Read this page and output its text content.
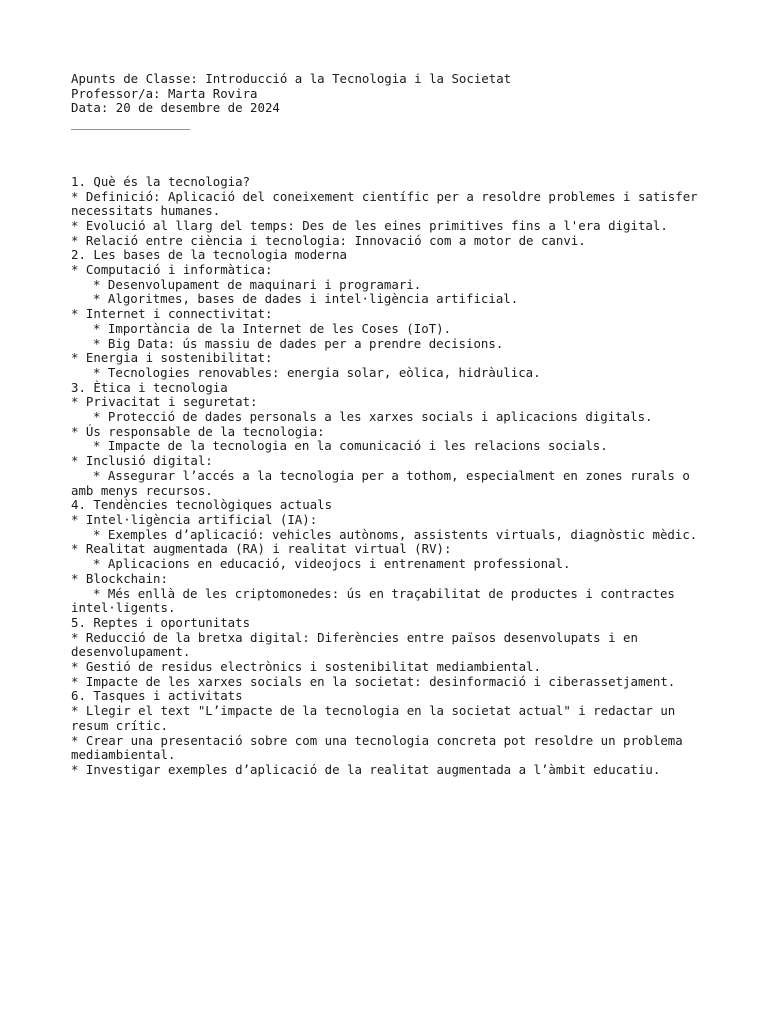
Apunts de Classe: Introducció a la Tecnologia i la Societat
Professor/a: Marta Rovira
Data: 20 de desembre de 2024
________________
1. Què és la tecnologia?
* Definició: Aplicació del coneixement científic per a resoldre problemes i satisfer necessitats humanes.
* Evolució al llarg del temps: Des de les eines primitives fins a l'era digital.
* Relació entre ciència i tecnologia: Innovació com a motor de canvi.
2. Les bases de la tecnologia moderna
* Computació i informàtica:
* Desenvolupament de maquinari i programari.
* Algoritmes, bases de dades i intel·ligència artificial.
* Internet i connectivitat:
* Importància de la Internet de les Coses (IoT).
* Big Data: ús massiu de dades per a prendre decisions.
* Energia i sostenibilitat:
* Tecnologies renovables: energia solar, eòlica, hidràulica.
3. Ètica i tecnologia
* Privacitat i seguretat:
* Protecció de dades personals a les xarxes socials i aplicacions digitals.
* Ús responsable de la tecnologia:
* Impacte de la tecnologia en la comunicació i les relacions socials.
* Inclusió digital:
* Assegurar l’accés a la tecnologia per a tothom, especialment en zones rurals o amb menys recursos.
4. Tendències tecnològiques actuals
* Intel·ligència artificial (IA):
* Exemples d’aplicació: vehicles autònoms, assistents virtuals, diagnòstic mèdic.
* Realitat augmentada (RA) i realitat virtual (RV):
* Aplicacions en educació, videojocs i entrenament professional.
* Blockchain:
* Més enllà de les criptomonedes: ús en traçabilitat de productes i contractes intel·ligents.
5. Reptes i oportunitats
* Reducció de la bretxa digital: Diferències entre països desenvolupats i en desenvolupament.
* Gestió de residus electrònics i sostenibilitat mediambiental.
* Impacte de les xarxes socials en la societat: desinformació i ciberassetjament.
6. Tasques i activitats
* Llegir el text "L’impacte de la tecnologia en la societat actual" i redactar un resum crític.
* Crear una presentació sobre com una tecnologia concreta pot resoldre un problema mediambiental.
* Investigar exemples d’aplicació de la realitat augmentada a l’àmbit educatiu.
